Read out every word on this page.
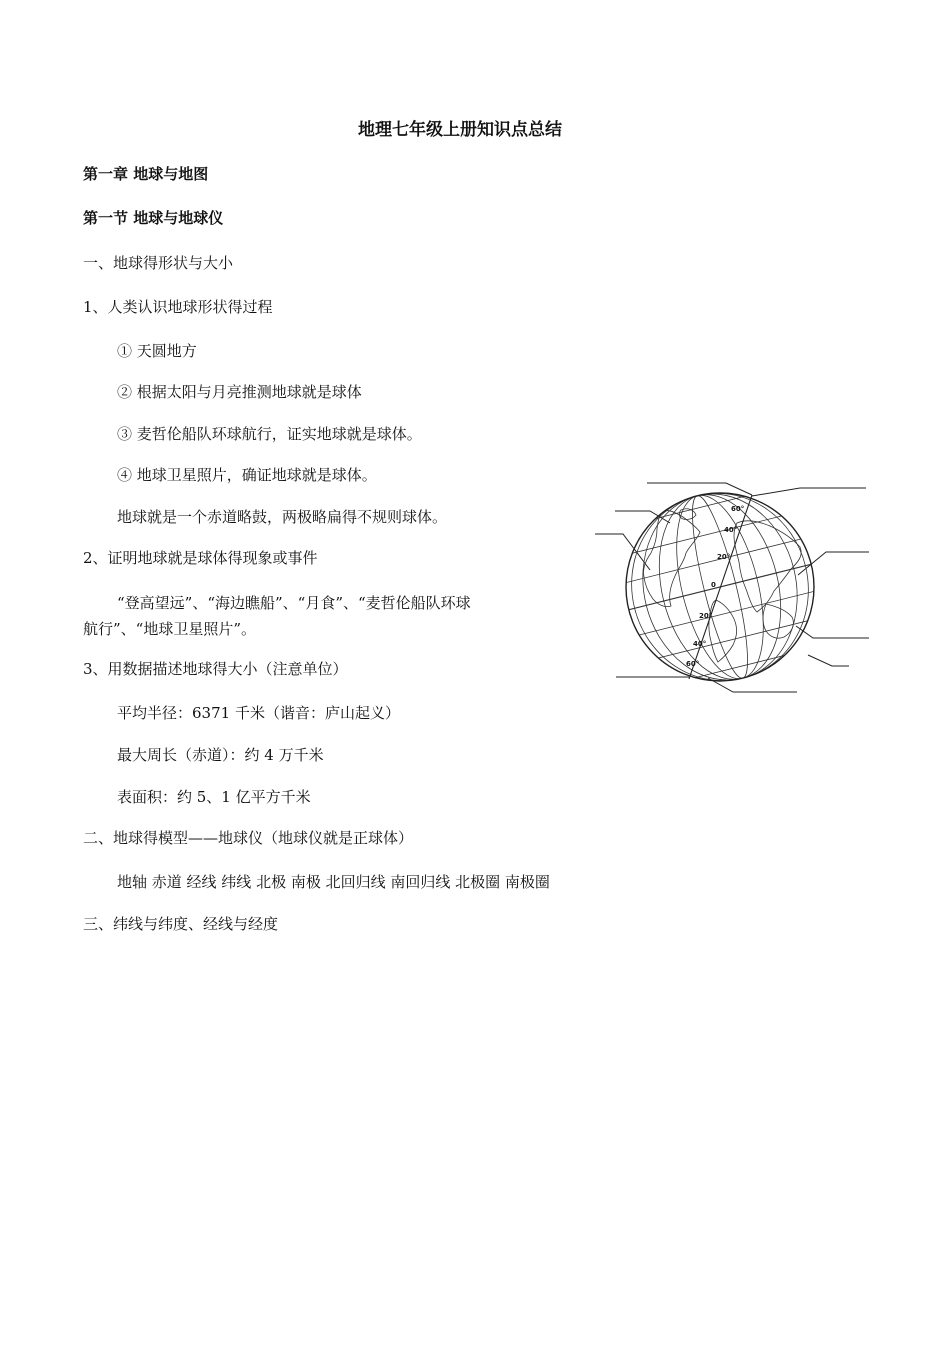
地理七年级上册知识点总结
第一章 地球与地图
第一节 地球与地球仪
一、地球得形状与大小
1、人类认识地球形状得过程
① 天圆地方
② 根据太阳与月亮推测地球就是球体
③ 麦哲伦船队环球航行，证实地球就是球体。
④ 地球卫星照片，确证地球就是球体。
地球就是一个赤道略鼓，两极略扁得不规则球体。
2、证明地球就是球体得现象或事件
“登高望远”、“海边瞧船”、“月食”、“麦哲伦船队环球
航行”、“地球卫星照片”。
3、用数据描述地球得大小（注意单位）
平均半径：6371 千米（谐音：庐山起义）
最大周长（赤道）：约 4 万千米
表面积：约 5、1 亿平方千米
二、地球得模型——地球仪（地球仪就是正球体）
地轴 赤道 经线 纬线 北极 南极 北回归线 南回归线 北极圈 南极圈
三、纬线与纬度、经线与经度
60°
40°
20°
0
20°
40°
60°
